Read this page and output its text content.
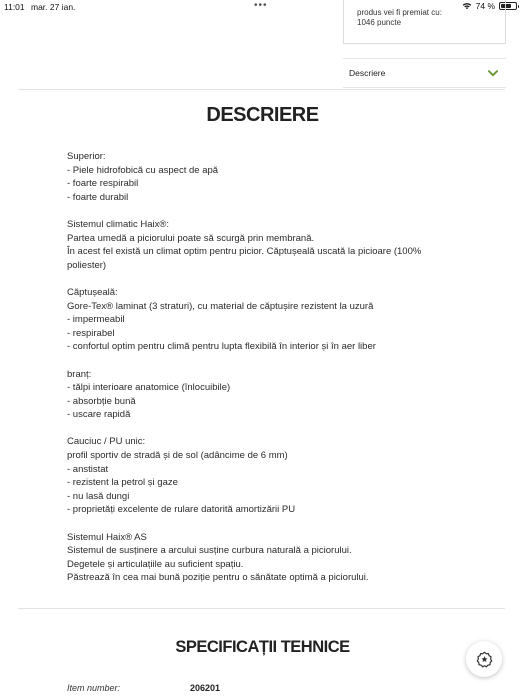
11:01 mar. 27 ian.	•••	74 %
produs vei fi premiat cu:
1046 puncte
Descriere
DESCRIERE
Superior:
- Piele hidrofobică cu aspect de apă
- foarte respirabil
- foarte durabil
Sistemul climatic Haix®:
Partea umedă a piciorului poate să scurgă prin membrană.
În acest fel există un climat optim pentru picior. Căptușeală uscată la picioare (100%
poliester)
Căptușeală:
Gore-Tex® laminat (3 straturi), cu material de căptușire rezistent la uzură
- impermeabil
- respirabel
- confortul optim pentru climă pentru lupta flexibilă în interior și în aer liber
branț:
- tălpi interioare anatomice (înlocuibile)
- absorbție bună
- uscare rapidă
Cauciuc / PU unic:
profil sportiv de stradă și de sol (adâncime de 6 mm)
- anstistat
- rezistent la petrol și gaze
- nu lasă dungi
- proprietăți excelente de rulare datorită amortizării PU
Sistemul Haix® AS
Sistemul de susținere a arcului susține curbura naturală a piciorului.
Degetele și articulațiile au suficient spațiu.
Păstrează în cea mai bună poziție pentru o sănătate optimă a piciorului.
SPECIFICAȚII TEHNICE
Item number:	206201
